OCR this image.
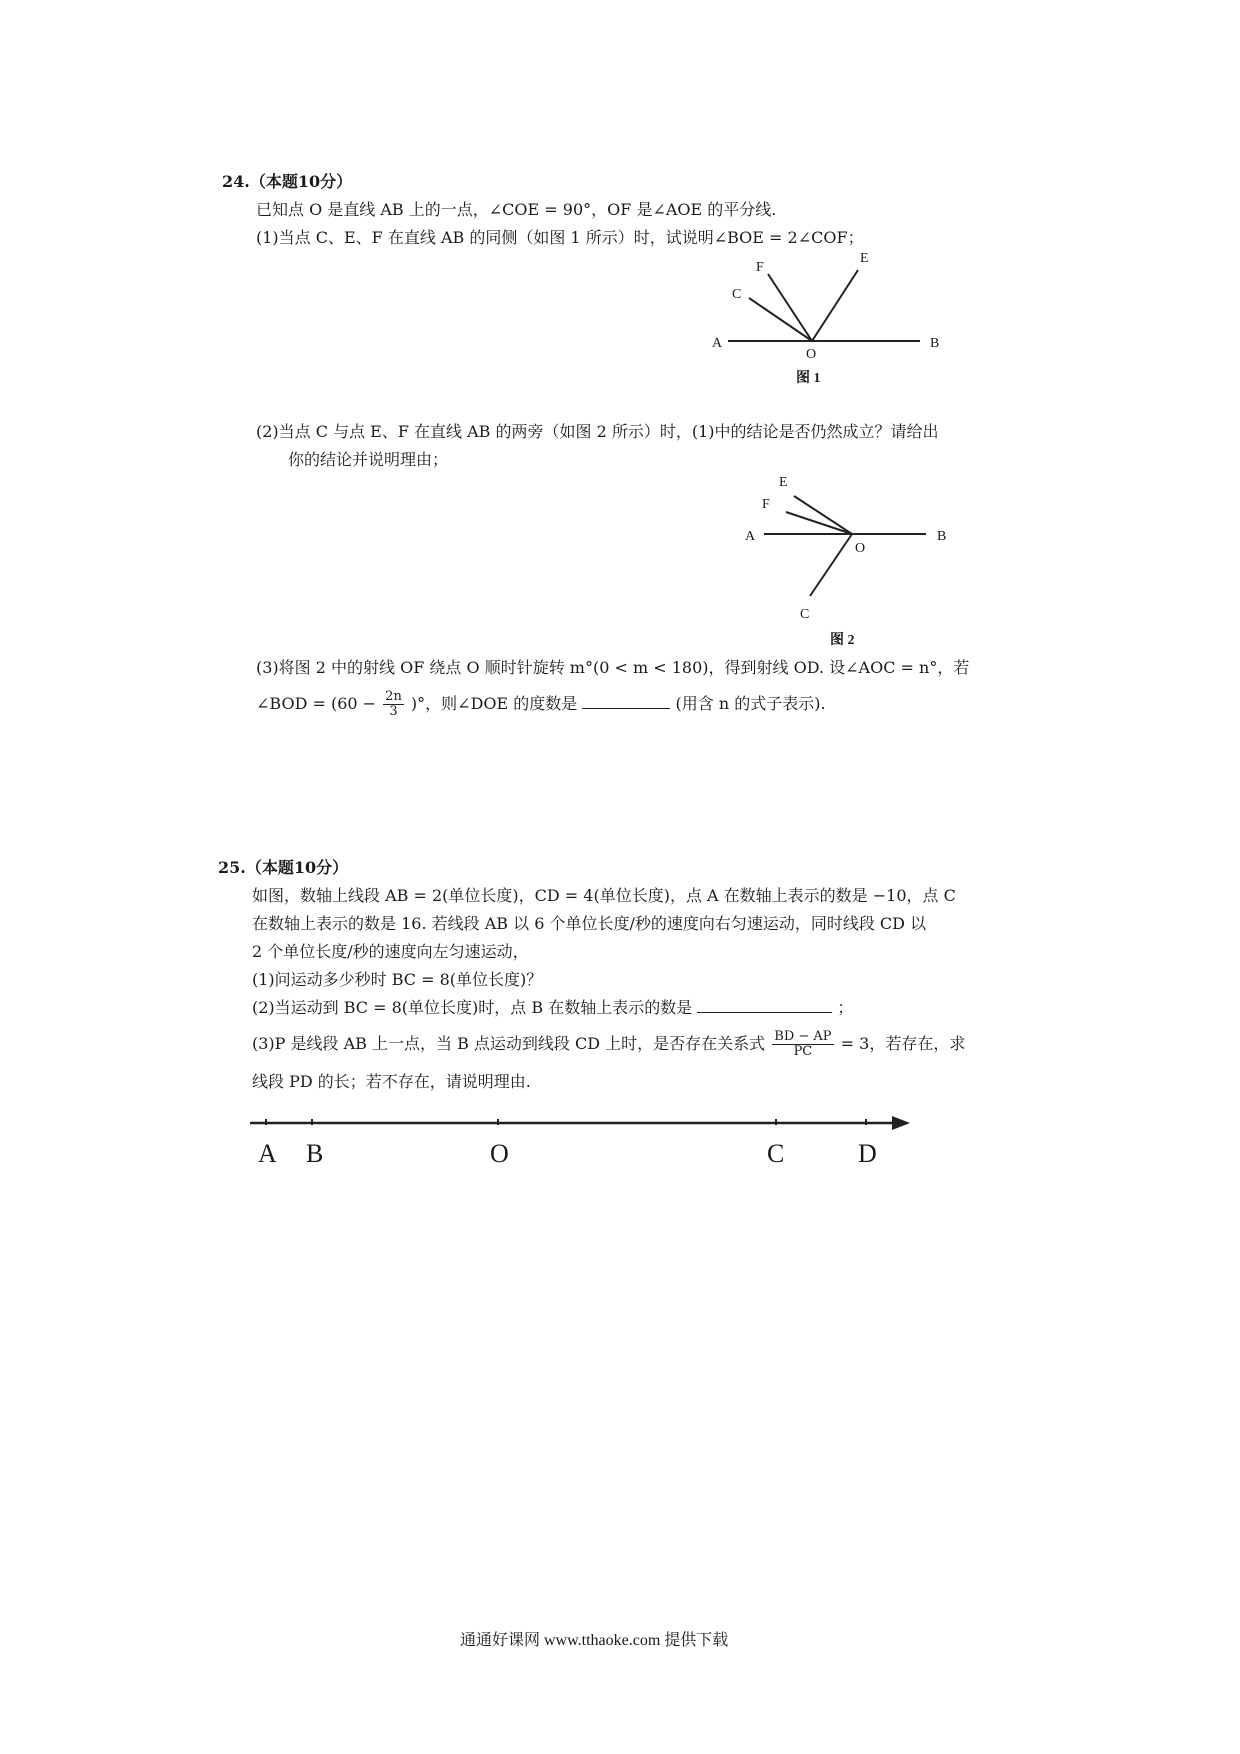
24.（本题10分）
已知点 O 是直线 AB 上的一点，∠COE = 90°，OF 是∠AOE 的平分线.
(1)当点 C、E、F 在直线 AB 的同侧（如图 1 所示）时，试说明∠BOE = 2∠COF；
A	B
O
C
F
E
图 1
(2)当点 C 与点 E、F 在直线 AB 的两旁（如图 2 所示）时，(1)中的结论是否仍然成立？请给出
你的结论并说明理由；
A	B
O
E
F
C
图 2
(3)将图 2 中的射线 OF 绕点 O 顺时针旋转 m°(0 < m < 180)，得到射线 OD. 设∠AOC = n°，若
∠BOD = ($60 - \frac{2n}{3}$ )°，则∠DOE 的度数是	(用含 n 的式子表示).
25.（本题10分）
如图，数轴上线段 AB = 2(单位长度)，CD = 4(单位长度)，点 A 在数轴上表示的数是 −10，点 C
在数轴上表示的数是 16. 若线段 AB 以 6 个单位长度/秒的速度向右匀速运动，同时线段 CD 以
2 个单位长度/秒的速度向左匀速运动，
(1)问运动多少秒时 BC = 8(单位长度)？
(2)当运动到 BC = 8(单位长度)时，点 B 在数轴上表示的数是	；
(3)P 是线段 AB 上一点，当 B 点运动到线段 CD 上时，是否存在关系式 $\frac{BD - AP}{PC} = 3$，若存在，求
线段 PD 的长；若不存在，请说明理由.
A B	O	C	D
通通好课网 www.tthaoke.com 提供下载
